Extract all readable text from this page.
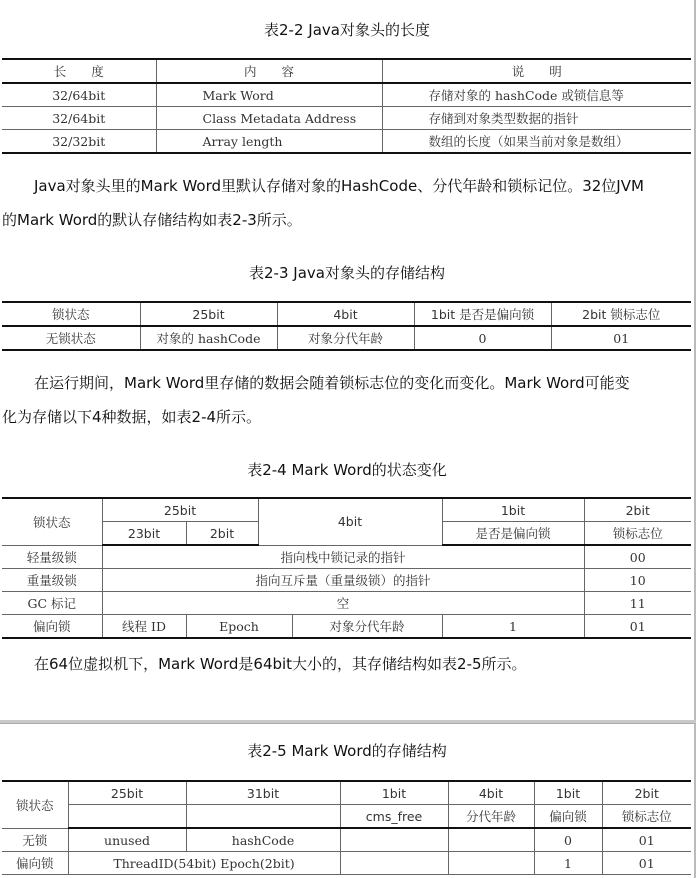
表2-2 Java对象头的长度
长　　度	内　　容	说　　明
32/64bit	Mark Word	存储对象的 hashCode 或锁信息等
32/64bit	Class Metadata Address	存储到对象类型数据的指针
32/32bit	Array length	数组的长度（如果当前对象是数组）
Java对象头里的Mark Word里默认存储对象的HashCode、分代年龄和锁标记位。32位JVM
的Mark Word的默认存储结构如表2-3所示。
表2-3 Java对象头的存储结构
锁状态	25bit	4bit	1bit 是否是偏向锁	2bit 锁标志位
无锁状态	对象的 hashCode	对象分代年龄	0	01
在运行期间，Mark Word里存储的数据会随着锁标志位的变化而变化。Mark Word可能变
化为存储以下4种数据，如表2-4所示。
表2-4 Mark Word的状态变化
锁状态	25bit		4bit		1bit	2bit
	23bit	2bit			是否是偏向锁	锁标志位
轻量级锁	指向栈中锁记录的指针					00
重量级锁	指向互斥量（重量级锁）的指针					10
GC 标记	空					11
偏向锁	线程 ID	Epoch		对象分代年龄	1	01
在64位虚拟机下，Mark Word是64bit大小的，其存储结构如表2-5所示。
表2-5 Mark Word的存储结构
锁状态	25bit	31bit	1bit	4bit	1bit	2bit
			cms_free	分代年龄	偏向锁	锁标志位
无锁	unused	hashCode			0	01
偏向锁	ThreadID(54bit) Epoch(2bit)				1	01
